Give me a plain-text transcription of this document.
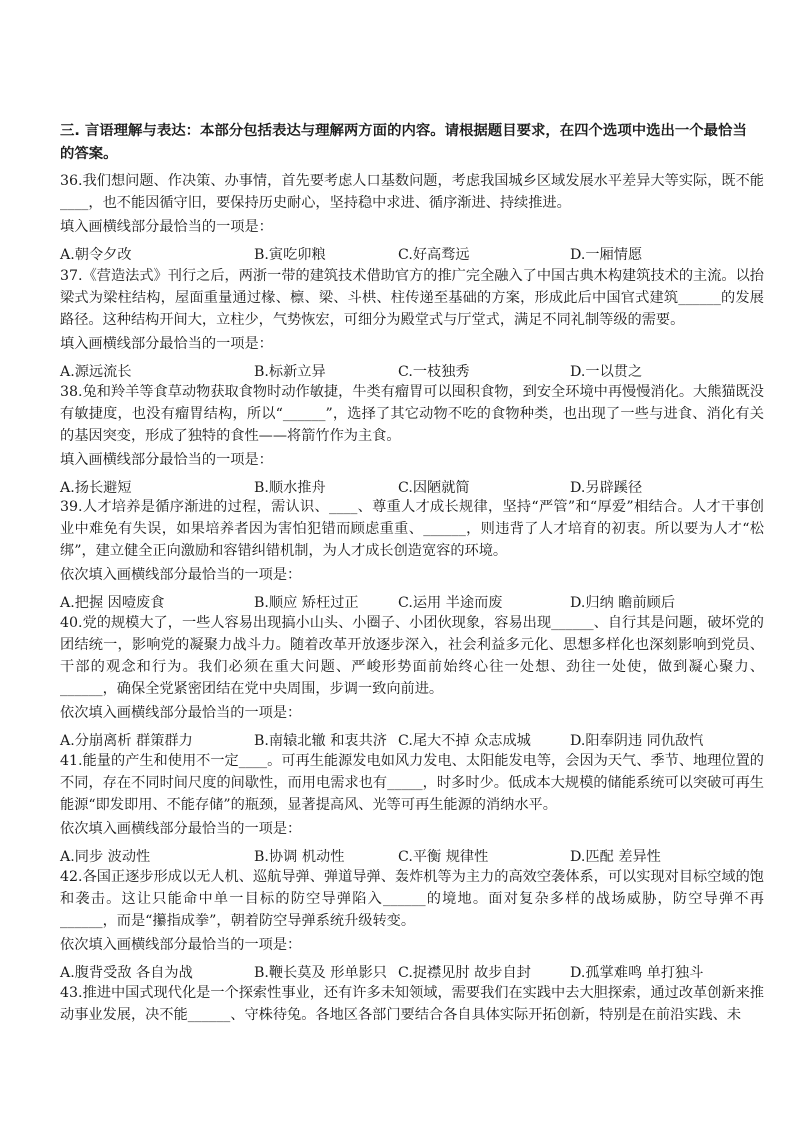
三. 言语理解与表达：本部分包括表达与理解两方面的内容。请根据题目要求，在四个选项中选出一个最恰当的答案。

36.我们想问题、作决策、办事情，首先要考虑人口基数问题，考虑我国城乡区域发展水平差异大等实际，既不能____，也不能因循守旧，要保持历史耐心，坚持稳中求进、循序渐进、持续推进。

填入画横线部分最恰当的一项是：

A.朝令夕改	B.寅吃卯粮	C.好高骛远	D.一厢情愿

37.《营造法式》刊行之后，两浙一带的建筑技术借助官方的推广完全融入了中国古典木构建筑技术的主流。以抬梁式为梁柱结构，屋面重量通过椽、檩、梁、斗栱、柱传递至基础的方案，形成此后中国官式建筑______的发展路径。这种结构开间大，立柱少，气势恢宏，可细分为殿堂式与厅堂式，满足不同礼制等级的需要。

填入画横线部分最恰当的一项是：

A.源远流长	B.标新立异	C.一枝独秀	D.一以贯之

38.兔和羚羊等食草动物获取食物时动作敏捷，牛类有瘤胃可以囤积食物，到安全环境中再慢慢消化。大熊猫既没有敏捷度，也没有瘤胃结构，所以“______”，选择了其它动物不吃的食物种类，也出现了一些与进食、消化有关的基因突变，形成了独特的食性——将箭竹作为主食。

填入画横线部分最恰当的一项是：

A.扬长避短	B.顺水推舟	C.因陋就简	D.另辟蹊径

39.人才培养是循序渐进的过程，需认识、____、尊重人才成长规律，坚持“严管”和“厚爱”相结合。人才干事创业中难免有失误，如果培养者因为害怕犯错而顾虑重重、______，则违背了人才培育的初衷。所以要为人才“松绑”，建立健全正向激励和容错纠错机制，为人才成长创造宽容的环境。

依次填入画横线部分最恰当的一项是：

A.把握 因噎废食	B.顺应 矫枉过正	C.运用 半途而废	D.归纳 瞻前顾后

40.党的规模大了，一些人容易出现搞小山头、小圈子、小团伙现象，容易出现______、自行其是问题，破坏党的团结统一，影响党的凝聚力战斗力。随着改革开放逐步深入，社会利益多元化、思想多样化也深刻影响到党员、干部的观念和行为。我们必须在重大问题、严峻形势面前始终心往一处想、劲往一处使，做到凝心聚力、______，确保全党紧密团结在党中央周围，步调一致向前进。

依次填入画横线部分最恰当的一项是：

A.分崩离析 群策群力	B.南辕北辙 和衷共济 C.尾大不掉 众志成城	D.阳奉阴违 同仇敌忾

41.能量的产生和使用不一定____。可再生能源发电如风力发电、太阳能发电等，会因为天气、季节、地理位置的不同，存在不同时间尺度的间歇性，而用电需求也有_____，时多时少。低成本大规模的储能系统可以突破可再生能源“即发即用、不能存储”的瓶颈，显著提高风、光等可再生能源的消纳水平。

依次填入画横线部分最恰当的一项是：

A.同步 波动性	B.协调 机动性	C.平衡 规律性	D.匹配 差异性

42.各国正逐步形成以无人机、巡航导弹、弹道导弹、轰炸机等为主力的高效空袭体系，可以实现对目标空域的饱和袭击。这让只能命中单一目标的防空导弹陷入______的境地。面对复杂多样的战场威胁，防空导弹不再______，而是“攥指成拳”，朝着防空导弹系统升级转变。

依次填入画横线部分最恰当的一项是：

A.腹背受敌 各自为战	B.鞭长莫及 形单影只 C.捉襟见肘 故步自封	D.孤掌难鸣 单打独斗

43.推进中国式现代化是一个探索性事业，还有许多未知领域，需要我们在实践中去大胆探索，通过改革创新来推动事业发展，决不能______、守株待兔。各地区各部门要结合各自具体实际开拓创新，特别是在前沿实践、未
